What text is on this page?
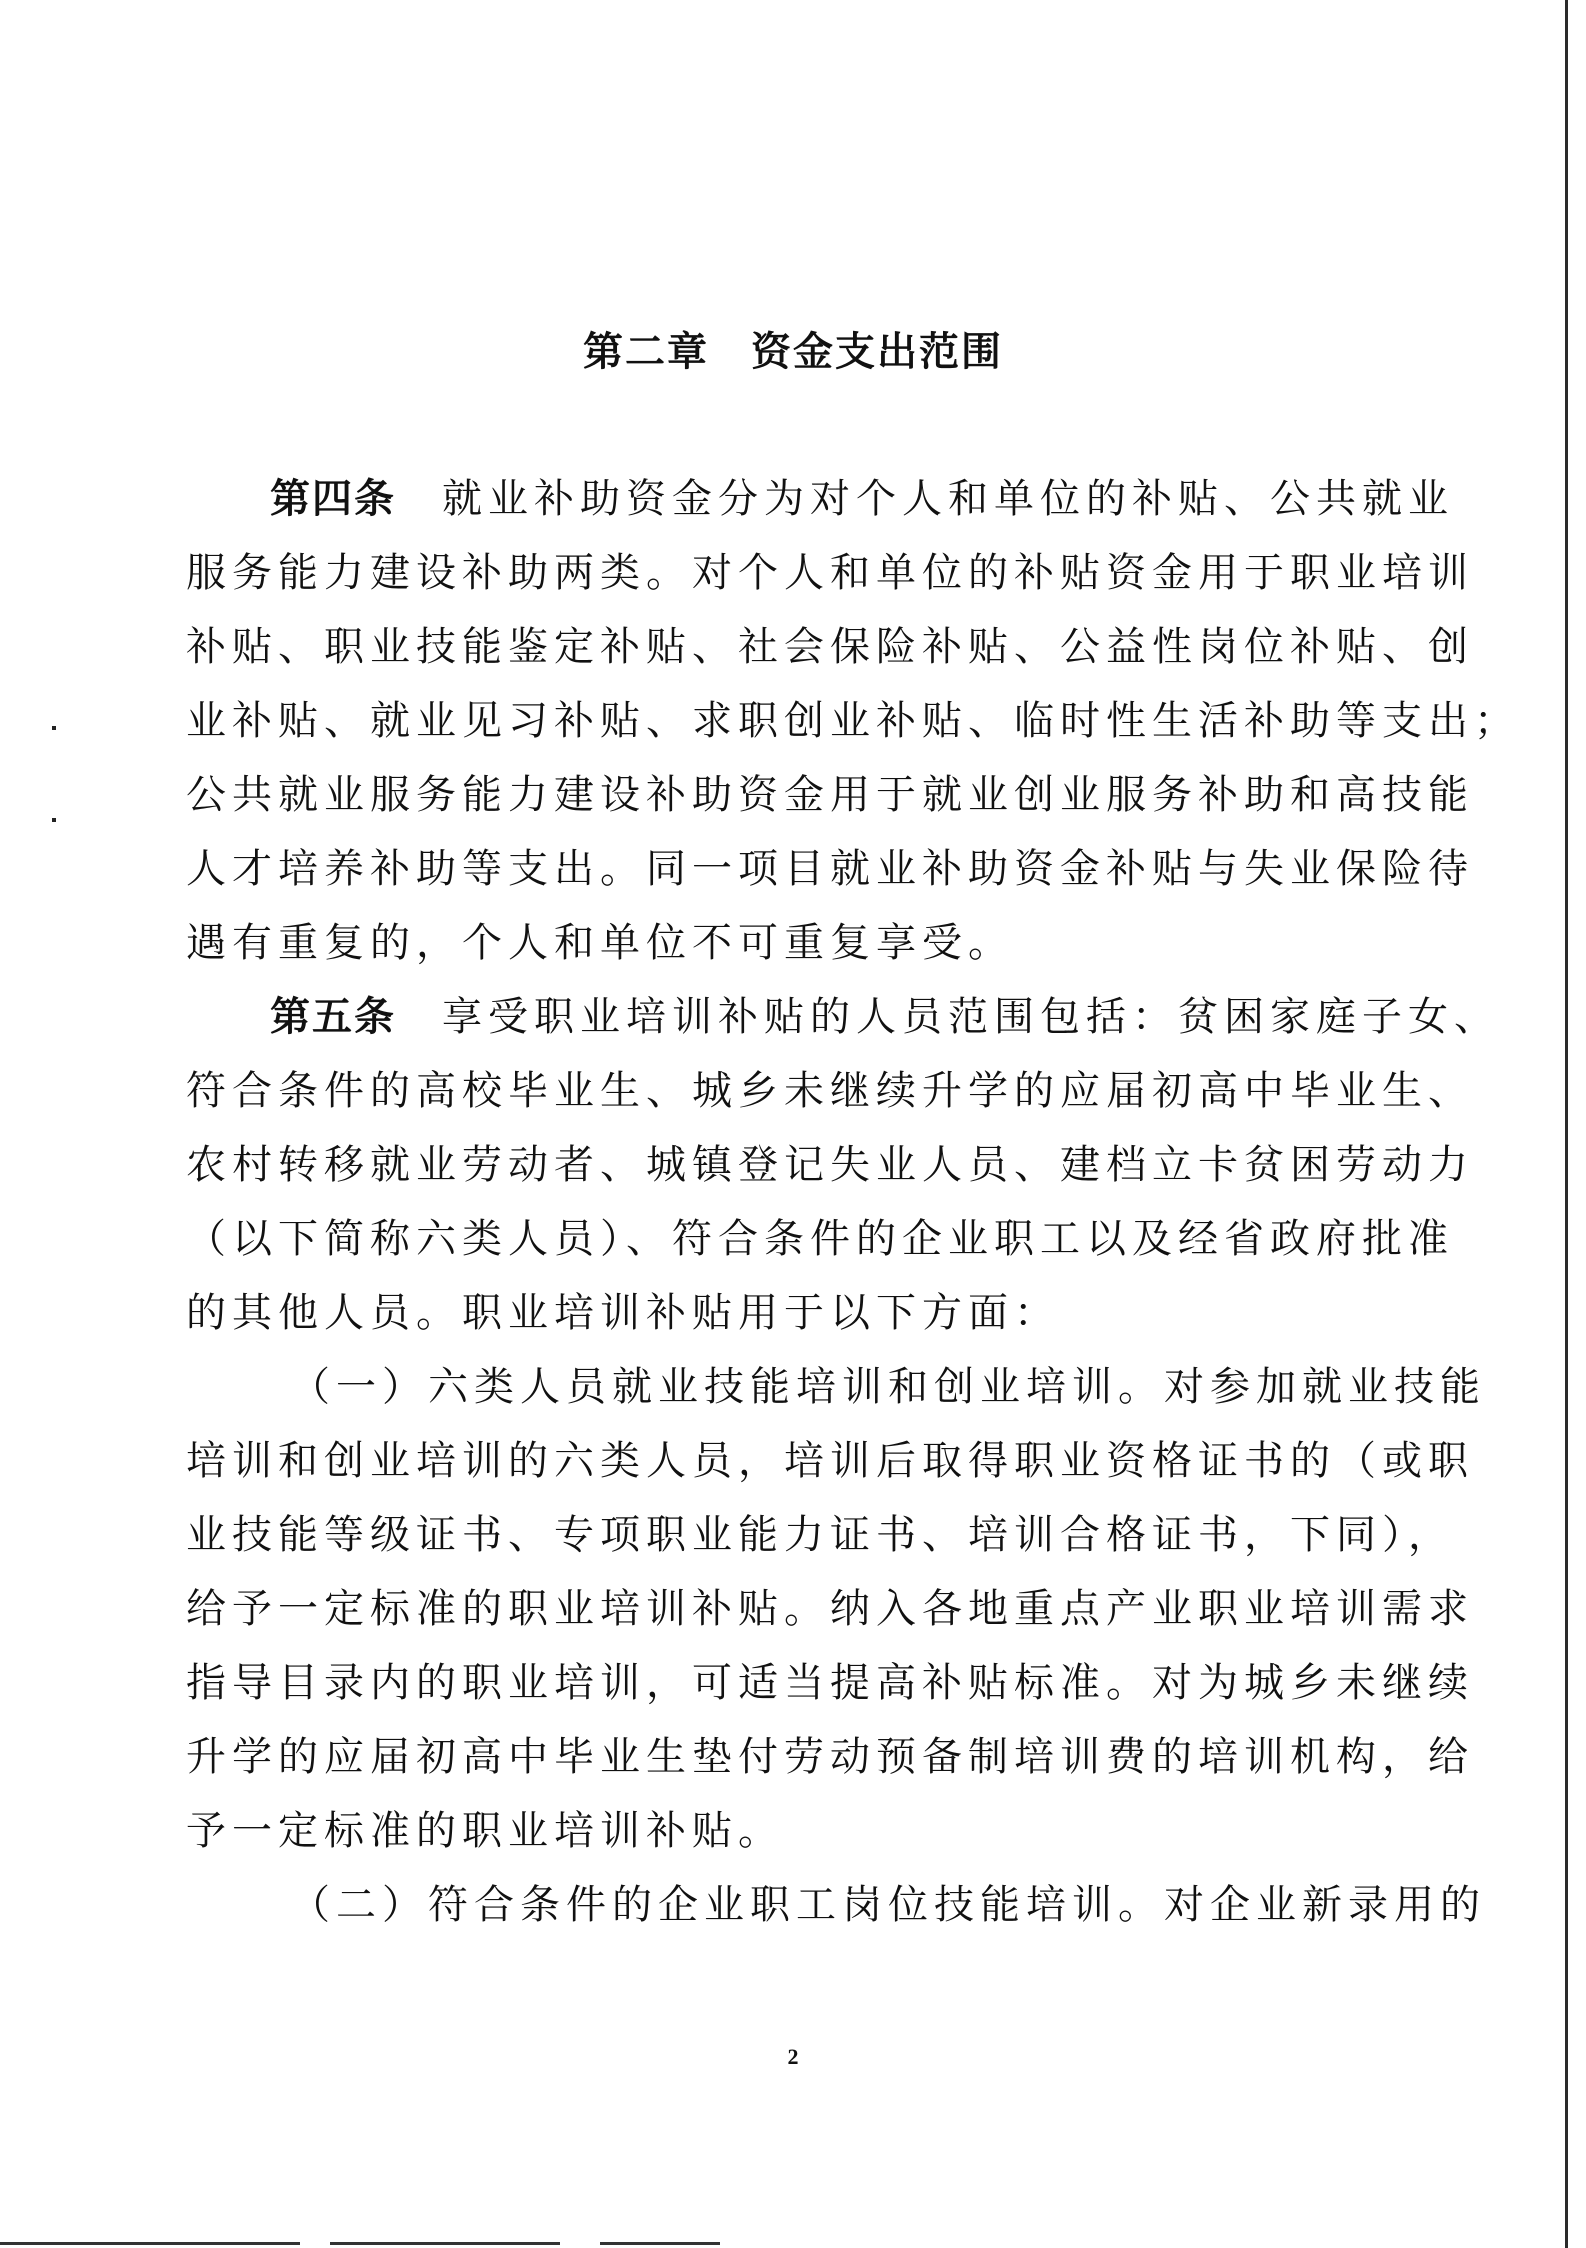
第二章　资金支出范围
第四条 就业补助资金分为对个人和单位的补贴、公共就业
服务能力建设补助两类。对个人和单位的补贴资金用于职业培训
补贴、职业技能鉴定补贴、社会保险补贴、公益性岗位补贴、创
业补贴、就业见习补贴、求职创业补贴、临时性生活补助等支出；
公共就业服务能力建设补助资金用于就业创业服务补助和高技能
人才培养补助等支出。同一项目就业补助资金补贴与失业保险待
遇有重复的，个人和单位不可重复享受。
第五条 享受职业培训补贴的人员范围包括：贫困家庭子女、
符合条件的高校毕业生、城乡未继续升学的应届初高中毕业生、
农村转移就业劳动者、城镇登记失业人员、建档立卡贫困劳动力
（以下简称六类人员）、符合条件的企业职工以及经省政府批准
的其他人员。职业培训补贴用于以下方面：
（一）六类人员就业技能培训和创业培训。对参加就业技能
培训和创业培训的六类人员，培训后取得职业资格证书的（或职
业技能等级证书、专项职业能力证书、培训合格证书，下同），
给予一定标准的职业培训补贴。纳入各地重点产业职业培训需求
指导目录内的职业培训，可适当提高补贴标准。对为城乡未继续
升学的应届初高中毕业生垫付劳动预备制培训费的培训机构，给
予一定标准的职业培训补贴。
（二）符合条件的企业职工岗位技能培训。对企业新录用的
2
